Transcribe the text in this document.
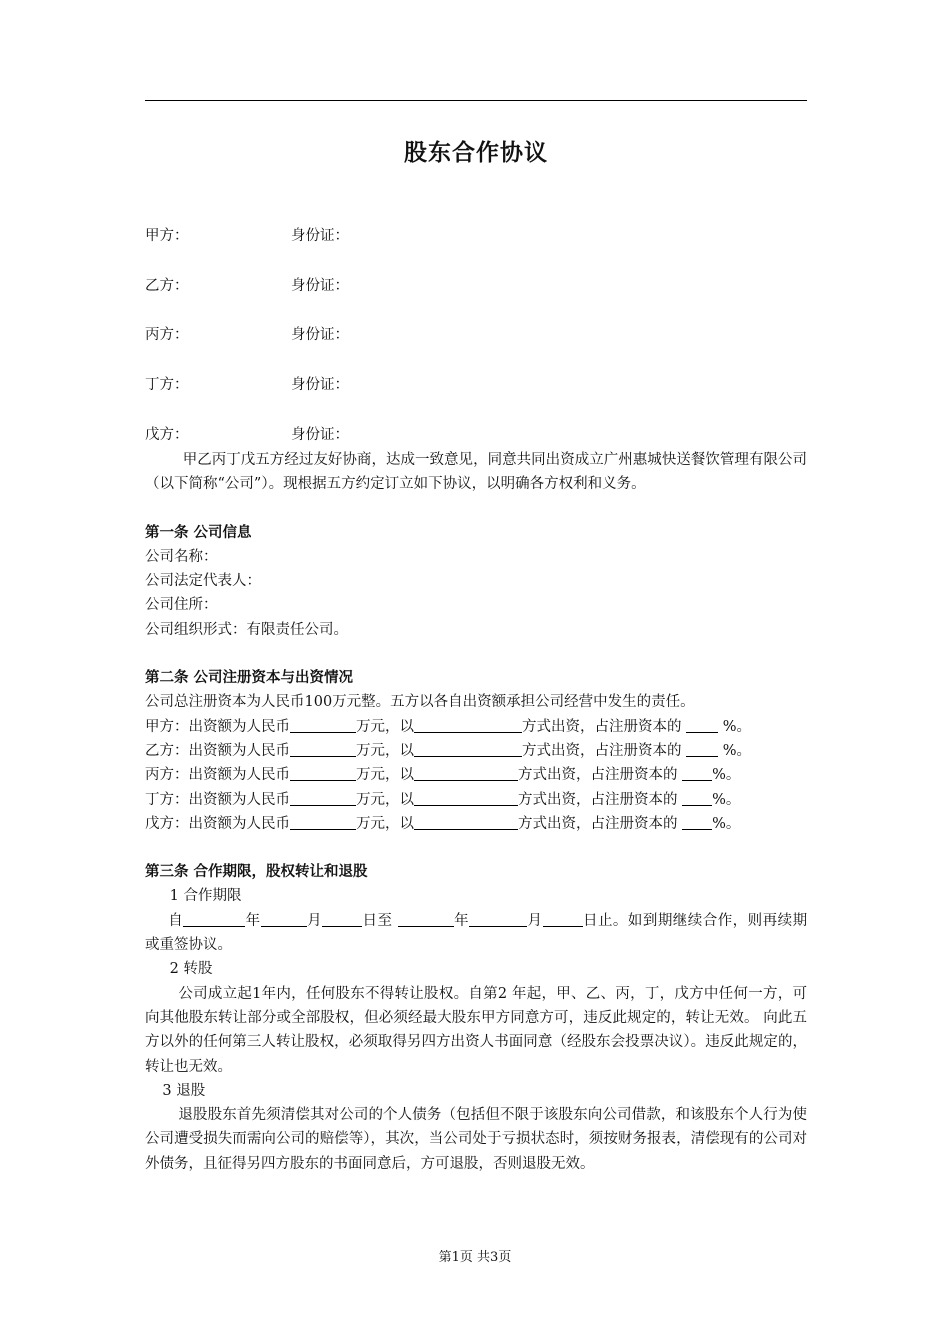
股东合作协议
甲方：	身份证：
乙方：	身份证：
丙方：	身份证：
丁方：	身份证：
戊方：	身份证：

甲乙丙丁戊五方经过友好协商，达成一致意见，同意共同出资成立广州惠城快送餐饮管理有限公司（以下简称“公司”）。现根据五方约定订立如下协议，以明确各方权利和义务。

第一条 公司信息

公司名称：

公司法定代表人：

公司住所：

公司组织形式：有限责任公司。

第二条 公司注册资本与出资情况

公司总注册资本为人民币100万元整。五方以各自出资额承担公司经营中发生的责任。

甲方：出资额为人民币	万元，以	方式出资，占注册资本的	%。
乙方：出资额为人民币	万元，以	方式出资，占注册资本的	%。
丙方：出资额为人民币	万元，以	方式出资，占注册资本的 %。
丁方：出资额为人民币	万元，以	方式出资，占注册资本的 %。
戊方：出资额为人民币	万元，以	方式出资，占注册资本的 %。

第三条 合作期限，股权转让和退股

1 合作期限

自	年	月	日至	年	月	日止。如到期继续合作，则再续期或重签协议。

2 转股

公司成立起1年内，任何股东不得转让股权。自第2 年起，甲、乙、丙，丁，戊方中任何一方，可向其他股东转让部分或全部股权，但必须经最大股东甲方同意方可，违反此规定的，转让无效。 向此五方以外的任何第三人转让股权，必须取得另四方出资人书面同意（经股东会投票决议）。违反此规定的，转让也无效。

3 退股

退股股东首先须清偿其对公司的个人债务（包括但不限于该股东向公司借款，和该股东个人行为使公司遭受损失而需向公司的赔偿等），其次，当公司处于亏损状态时，须按财务报表，清偿现有的公司对外债务，且征得另四方股东的书面同意后，方可退股，否则退股无效。

第1页 共3页
